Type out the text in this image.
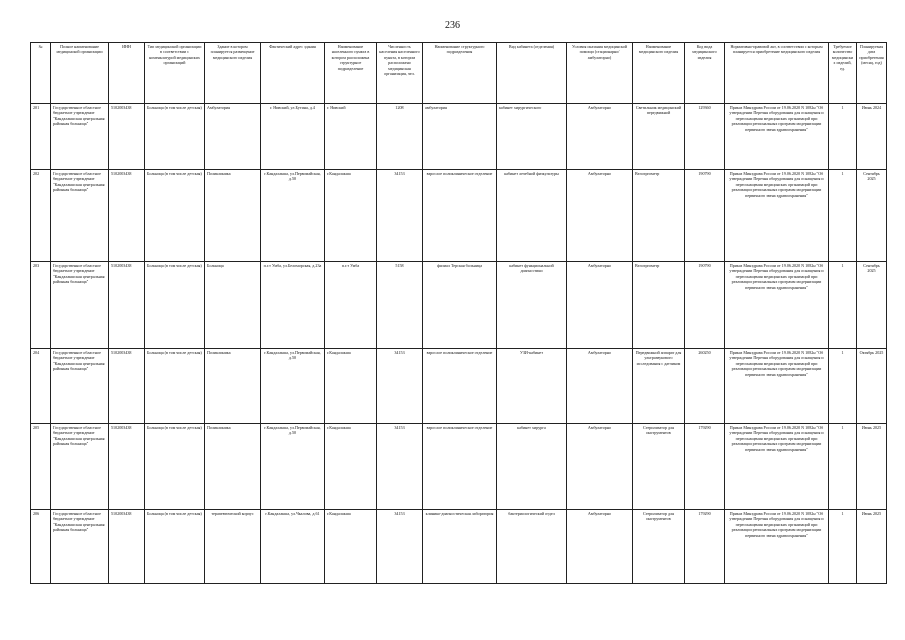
236
№	Полное наименование медицинской организации	ИНН	Тип медицинской организации в соответствии с номенклатурой медицинских организаций	Здание в котором планируется размещение медицинского изделия	Фактический адрес здания	Наименование населенного пункта в котором расположена структурное подразделение	Численность населения населенного пункта, в котором расположено медицинская организация, чел.	Наименование структурного подразделения	Вид кабинета (отделения)	Условия оказания медицинской помощи (стационарно/амбулаторно)	Наименование медицинского изделия	Код вида медицинского изделия	Нормативно-правовой акт, в соответствии с которым планируется приобретение медицинского изделия	Требуемое количество медицинских изделий, ед.	Планируемая дата приобретения (месяц, год)
201	Государственное областное бюджетное учреждение "Кандалакшская центральная районная больница"	5102003438	Больница (в том числе детская)	Амбулатория	г. Нивский, ул.Бутина, д.4	г. Нивский	1208	амбулатория	кабинет хирургического	Амбулаторно	Светильник медицинский передвижной	129360	Приказ Минздрава России от 19.06.2020 N 1082н "Об утверждении Перечня оборудования для оснащения и переоснащения медицинских организаций при реализации региональных программ модернизации первичного звена здравоохранения"	1	Июнь 2024
202	Государственное областное бюджетное учреждение "Кандалакшская центральная районная больница"	5102003438	Больница (в том числе детская)	Поликлиника	г.Кандалакша, ул.Первомайская, д.50	г.Кандалакша	34153	взрослое поликлиническое отделение	кабинет лечебной физкультуры	Амбулаторно	Велоэргометр	190790	Приказ Минздрава России от 19.06.2020 N 1082н "Об утверждении Перечня оборудования для оснащения и переоснащения медицинских организаций при реализации региональных программ модернизации первичного звена здравоохранения"	1	Сентябрь 2025
203	Государственное областное бюджетное учреждение "Кандалакшская центральная районная больница"	5102003438	Больница (в том числе детская)	Больница	п.г.т Умба, ул.Беломорская, д.23а	п.г.т Умба	5158	филиал Терская больница	кабинет функциональной диагностики	Амбулаторно	Велоэргометр	190790	Приказ Минздрава России от 19.06.2020 N 1082н "Об утверждении Перечня оборудования для оснащения и переоснащения медицинских организаций при реализации региональных программ модернизации первичного звена здравоохранения"	1	Сентябрь 2025
204	Государственное областное бюджетное учреждение "Кандалакшская центральная районная больница"	5102003438	Больница (в том числе детская)	Поликлиника	г.Кандалакша, ул.Первомайская, д.50	г.Кандалакша	34153	взрослое поликлиническое отделение	УЗИ-кабинет	Амбулаторно	Передвижной аппарат для ультразвукового исследования с датчиком	260250	Приказ Минздрава России от 19.06.2020 N 1082н "Об утверждении Перечня оборудования для оснащения и переоснащения медицинских организаций при реализации региональных программ модернизации первичного звена здравоохранения"	1	Октябрь 2025
205	Государственное областное бюджетное учреждение "Кандалакшская центральная районная больница"	5102003438	Больница (в том числе детская)	Поликлиника	г.Кандалакша, ул.Первомайская, д.50	г.Кандалакша	34153	взрослое поликлиническое отделение	кабинет хирурга	Амбулаторно	Стерилизатор для инструментов	179290	Приказ Минздрава России от 19.06.2020 N 1082н "Об утверждении Перечня оборудования для оснащения и переоснащения медицинских организаций при реализации региональных программ модернизации первичного звена здравоохранения"	1	Июнь 2025
206	Государственное областное бюджетное учреждение "Кандалакшская центральная районная больница"	5102003438	Больница (в том числе детская)	терапевтический корпус	г.Кандалакша, ул.Чкалова, д.61	г.Кандалакша	34153	клинико-диагностическая лаборатория	бактериологический отдел	Амбулаторно	Стерилизатор для инструментов	179290	Приказ Минздрава России от 19.06.2020 N 1082н "Об утверждении Перечня оборудования для оснащения и переоснащения медицинских организаций при реализации региональных программ модернизации первичного звена здравоохранения"	1	Июнь 2025
